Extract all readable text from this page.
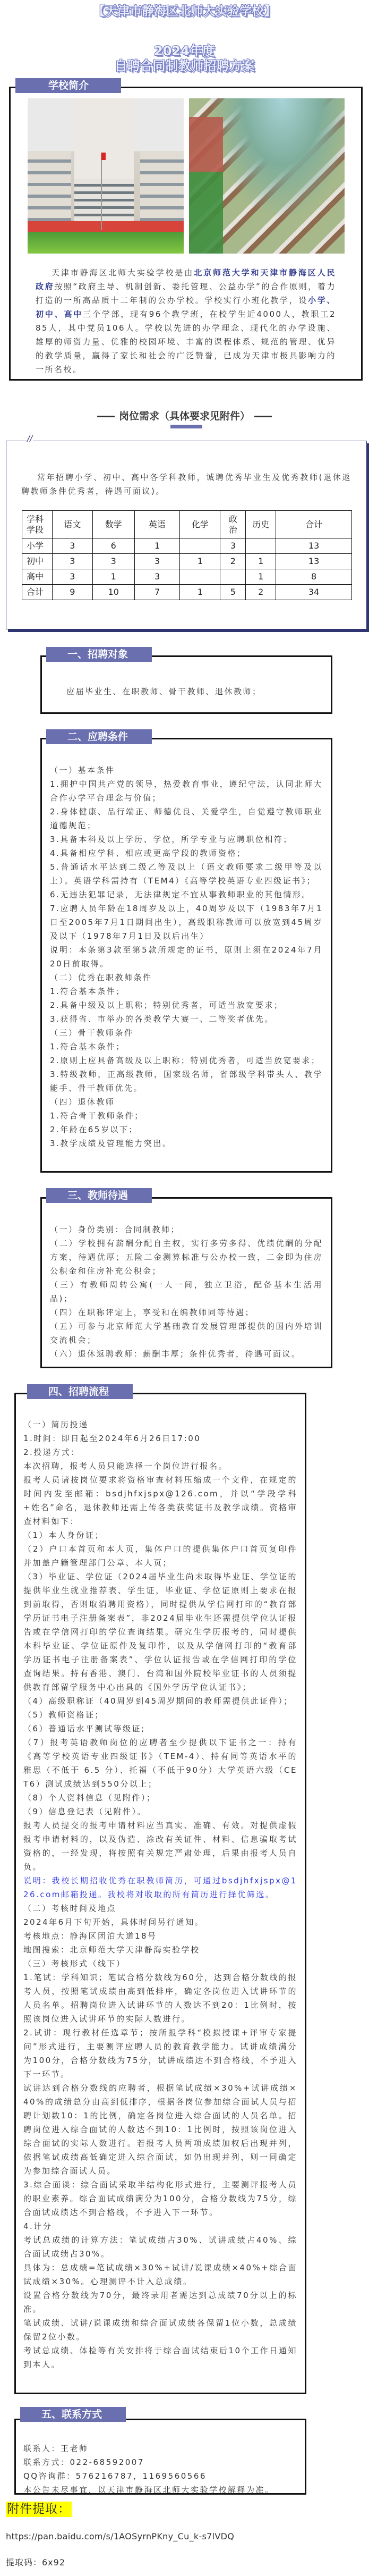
【天津市静海区北师大实验学校】
2024年度
自聘合同制教师招聘方案
学校简介
天津市静海区北师大实验学校是由北京师范大学和天津市静海区人民政府按照“政府主导、机制创新、委托管理、公益办学”的合作原则，着力打造的一所高品质十二年制的公办学校。学校实行小班化教学，设小学、初中、高中三个学部，现有96个教学班，在校学生近4000人，教职工285人，其中党员106人。学校以先进的办学理念、现代化的办学设施、雄厚的师资力量、优雅的校园环境、丰富的课程体系、规范的管理、优异的教学质量，赢得了家长和社会的广泛赞誉，已成为天津市极具影响力的一所名校。
岗位需求（具体要求见附件）
//
常年招聘小学、初中、高中各学科教师，诚聘优秀毕业生及优秀教师(退休返聘教师条件优秀者，待遇可面议)。
学科
学段	语文	数学	英语	化学	政治	历史	合计
小学	3	6	1		3		13
初中	3	3	3	1	2	1	13
高中	3	1	3			1	8
合计	9	10	7	1	5	2	34
一、招聘对象

应届毕业生、在职教师、骨干教师、退休教师；

二、应聘条件

（一）基本条件

1.拥护中国共产党的领导，热爱教育事业，遵纪守法，认同北师大合作办学平台理念与价值；

2.身体健康、品行端正、师德优良、关爱学生，自觉遵守教师职业道德规范；

3.具备本科及以上学历、学位，所学专业与应聘职位相符；

4.具备相应学科、相应或更高学段的教师资格；

5.普通话水平达到二级乙等及以上（语文教师要求二级甲等及以上）。英语学科需持有（TEM4）《高等学校英语专业四级证书》；

6.无违法犯罪记录，无法律规定不宜从事教师职业的其他情形。

7.应聘人员年龄在18周岁及以上，40周岁及以下（1983年7月1日至2005年7月1日期间出生），高级职称教师可以放宽到45周岁及以下（1978年7月1日及以后出生）

说明：本条第3款至第5款所规定的证书，原则上须在2024年7月20日前取得。

（二）优秀在职教师条件

1.符合基本条件；

2.具备中级及以上职称；特别优秀者，可适当放宽要求；

3.获得省、市举办的各类教学大赛一、二等奖者优先。

（三）骨干教师条件

1.符合基本条件；

2.原则上应具备高级及以上职称；特别优秀者，可适当放宽要求；

3.特级教师，正高级教师，国家级名师，省部级学科带头人、教学能手、骨干教师优先。

（四）退休教师

1.符合骨干教师条件；

2.年龄在65岁以下；

3.教学成绩及管理能力突出。

三、教师待遇

（一）身份类别：合同制教师；

（二）学校拥有薪酬分配自主权，实行多劳多得、优绩优酬的分配方案，待遇优厚；五险二金测算标准与公办校一致，二金即为住房公积金和住房补充公积金；

（三）有教师周转公寓(一人一间，独立卫浴，配备基本生活用品)；

（四）在职称评定上，享受和在编教师同等待遇；

（五）可参与北京师范大学基础教育发展管理部提供的国内外培训交流机会；

（六）退休返聘教师：薪酬丰厚；条件优秀者，待遇可面议。

四、招聘流程

（一）简历投递

1.时间：即日起至2024年6月26日17:00

2.投递方式：

本次招聘，报考人员只能选择一个岗位进行报名。

报考人员请按岗位要求将资格审查材料压缩成一个文件，在规定的时间内发至邮箱：bsdjhfxjspx@126.com，并以“学段学科+姓名”命名，退休教师还需上传各类获奖证书及教学成绩。资格审查材料如下：

（1）本人身份证；

（2）户口本首页和本人页，集体户口的提供集体户口首页复印件并加盖户籍管理部门公章、本人页；

（3）毕业证、学位证（2024届毕业生尚未取得毕业证、学位证的提供毕业生就业推荐表、学生证，毕业证、学位证原则上要求在报到前取得，否则取消聘用资格），同时提供从学信网打印的“教育部学历证书电子注册备案表”，非2024届毕业生还需提供学位认证报告或在学信网打印的学位查询结果。研究生学历报考的，同时提供本科毕业证、学位证原件及复印件，以及从学信网打印的“教育部学历证书电子注册备案表”、学位认证报告或在学信网打印的学位查询结果。持有香港、澳门、台湾和国外院校毕业证书的人员须提供教育部留学服务中心出具的《国外学历学位认证书》；

（4）高级职称证（40周岁到45周岁期间的教师需提供此证件）；

（5）教师资格证；

（6）普通话水平测试等级证;

（7）报考英语教师岗位的应聘者至少提供以下证书之一：持有《高等学校英语专业四级证书》（TEM-4）、持有同等英语水平的雅思（不低于 6.5 分）、托福（不低于90分）大学英语六级（CET6）测试成绩达到550分以上；

（8）个人资料信息（见附件）；

（9）信息登记表（见附件）。

报考人员提交的报考申请材料应当真实、准确、有效。对提供虚假报考申请材料的，以及伪造、涂改有关证件、材料、信息骗取考试资格的，一经发现，将按照有关规定严肃处理，后果由报考人员自负。

说明：我校长期招收优秀在职教师简历，可通过bsdjhfxjspx@126.com邮箱投递。我校将对收取的所有简历进行择优筛选。

（二）考核时间及地点

2024年6月下旬开始，具体时间另行通知。

考核地点：静海区团泊大道18号

地图搜索：北京师范大学天津静海实验学校

（三）考核形式（线下）

1.笔试：学科知识；笔试合格分数线为60分，达到合格分数线的报考人员，按照笔试成绩由高到低排序，确定各岗位进入试讲环节的人员名单。招聘岗位进入试讲环节的人数达不到20：1比例时，按照该岗位进入试讲环节的实际人数进行。

2.试讲：现行教材任选章节；按所报学科“模拟授课+评审专家提问”形式进行，主要测评应聘人员的教育教学能力。试讲成绩满分为100分，合格分数线为75分，试讲成绩达不到合格线，不予进入下一环节。

试讲达到合格分数线的应聘者，根据笔试成绩×30%+试讲成绩×40%的成绩总分由高到低排序，根据各岗位参加综合面试人员与招聘计划数10：1的比例，确定各岗位进入综合面试的人员名单。招聘岗位进入综合面试的人数达不到10：1比例时，按照该岗位进入综合面试的实际人数进行。若报考人员两项成绩加权后出现并列，依据笔试成绩高低确定进入综合面试，如仍出现并列，则一同确定为参加综合面试人员。

3.综合面谈：综合面试采取半结构化形式进行，主要测评报考人员的职业素养。综合面试成绩满分为100分，合格分数线为75分，综合面试成绩达不到合格线，不予进入下一环节。

4.计分

考试总成绩的计算方法：笔试成绩占30%、试讲成绩占40%、综合面试成绩占30%。

具体为：总成绩=笔试成绩×30%+试讲/说课成绩×40%+综合面试成绩×30%。心理测评不计入总成绩。

设置合格分数线为70分，最终录用者需达到总成绩70分以上的标准。

笔试成绩、试讲/说课成绩和综合面试成绩各保留1位小数，总成绩保留2位小数。

考试总成绩、体检等有关安排将于综合面试结束后10个工作日通知到本人。

五、联系方式

联系人：王老师

联系方式：022-68592007

QQ咨询群：576216787，1169560566

本公告未尽事宜，以天津市静海区北师大实验学校解释为准。

附件提取：
https://pan.baidu.com/s/1AOSyrnPKny_Cu_k-s7lVDQ
提取码：6x92
